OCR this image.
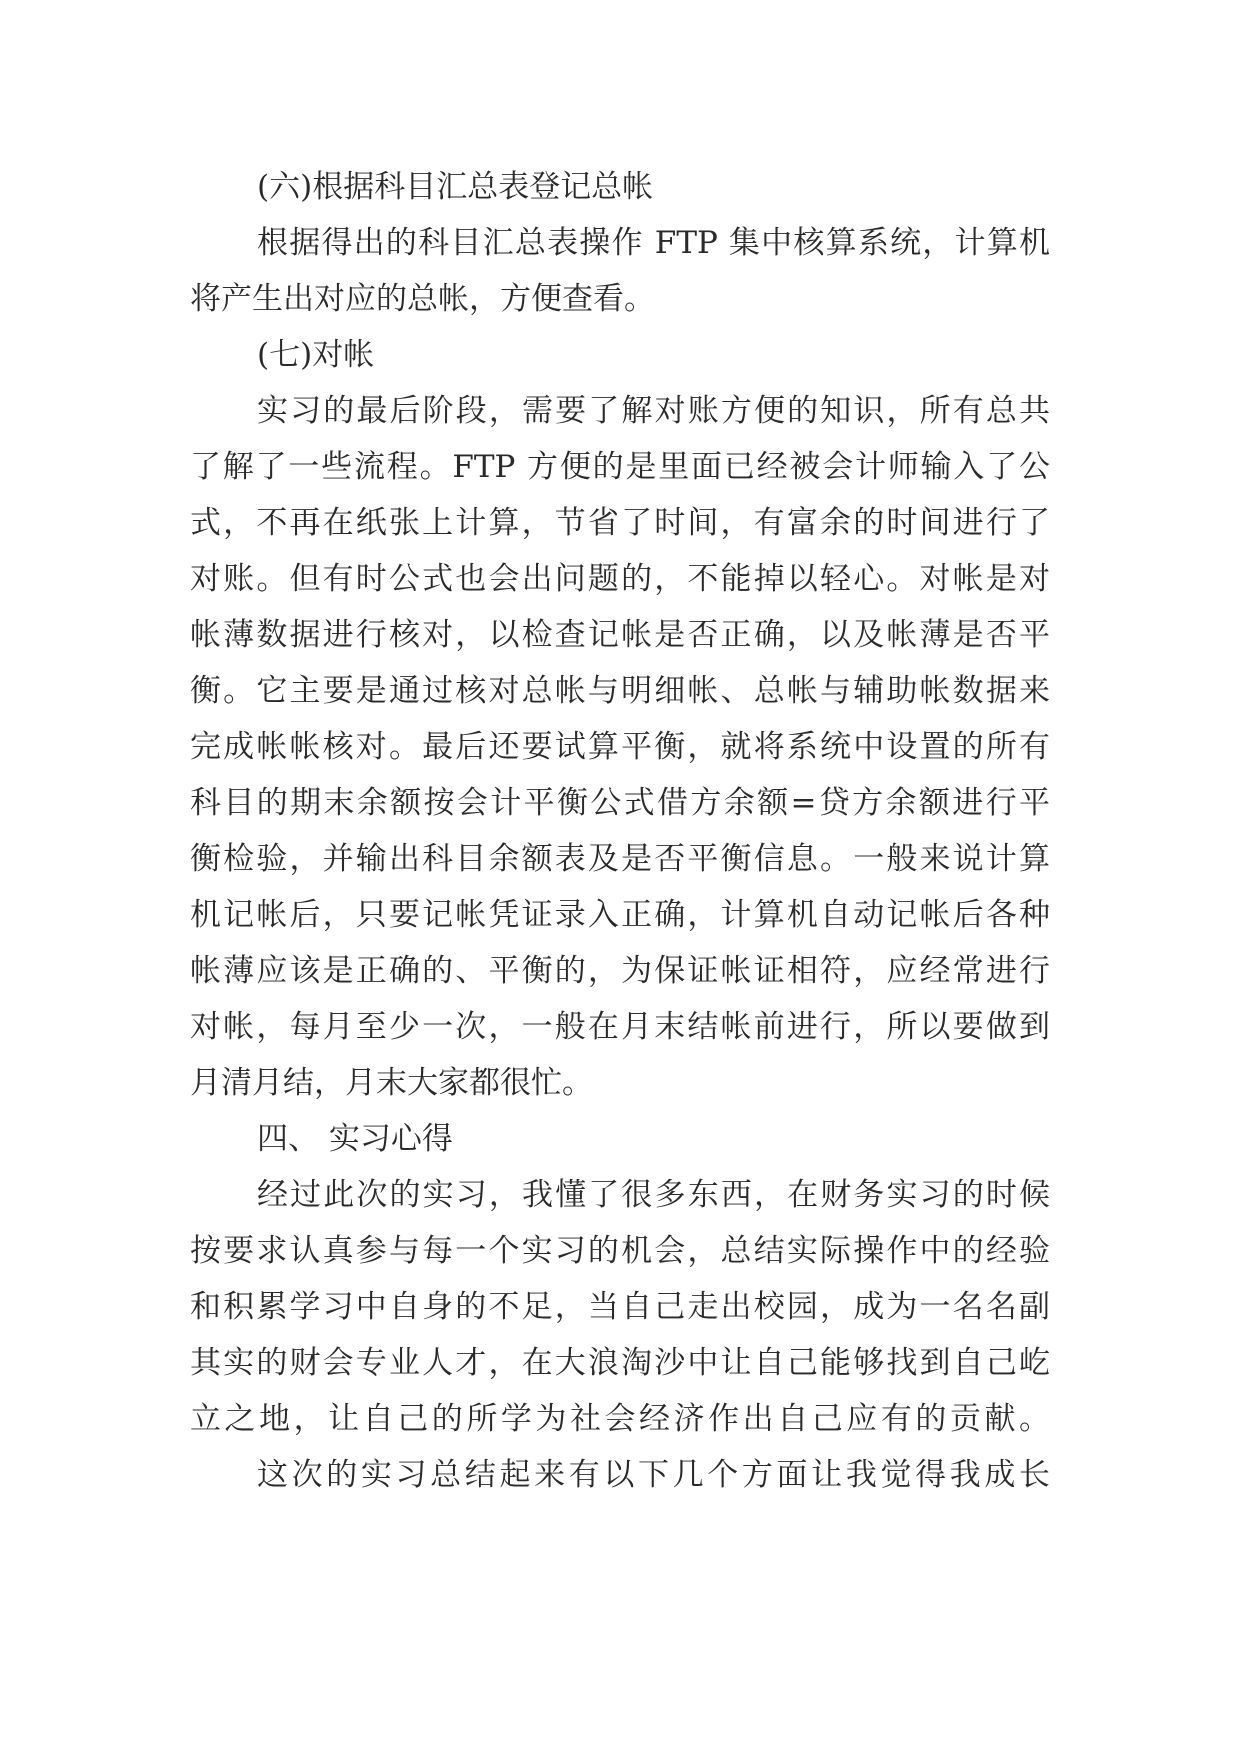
(六)根据科目汇总表登记总帐
根据得出的科目汇总表操作 FTP 集中核算系统，计算机
将产生出对应的总帐，方便查看。
(七)对帐
实习的最后阶段，需要了解对账方便的知识，所有总共
了解了一些流程。FTP 方便的是里面已经被会计师输入了公
式，不再在纸张上计算，节省了时间，有富余的时间进行了
对账。但有时公式也会出问题的，不能掉以轻心。对帐是对
帐薄数据进行核对，以检查记帐是否正确，以及帐薄是否平
衡。它主要是通过核对总帐与明细帐、总帐与辅助帐数据来
完成帐帐核对。最后还要试算平衡，就将系统中设置的所有
科目的期末余额按会计平衡公式借方余额=贷方余额进行平
衡检验，并输出科目余额表及是否平衡信息。一般来说计算
机记帐后，只要记帐凭证录入正确，计算机自动记帐后各种
帐薄应该是正确的、平衡的，为保证帐证相符，应经常进行
对帐，每月至少一次，一般在月末结帐前进行，所以要做到
月清月结，月末大家都很忙。
四、 实习心得
经过此次的实习，我懂了很多东西，在财务实习的时候
按要求认真参与每一个实习的机会，总结实际操作中的经验
和积累学习中自身的不足，当自己走出校园，成为一名名副
其实的财会专业人才，在大浪淘沙中让自己能够找到自己屹
立之地，让自己的所学为社会经济作出自己应有的贡献。
这次的实习总结起来有以下几个方面让我觉得我成长
